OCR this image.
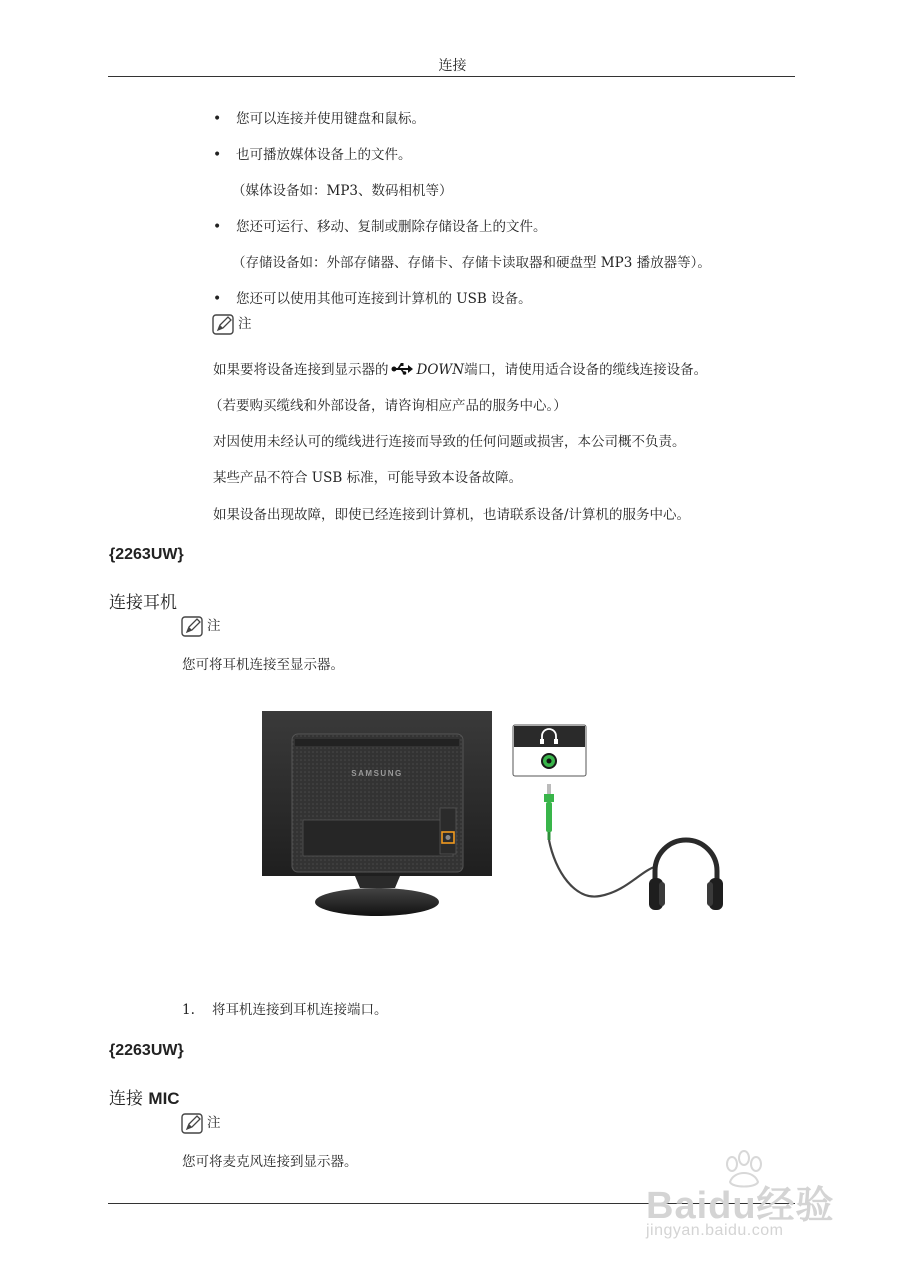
连接
• 您可以连接并使用键盘和鼠标。
• 也可播放媒体设备上的文件。
（媒体设备如：MP3、数码相机等）
• 您还可运行、移动、复制或删除存储设备上的文件。
（存储设备如：外部存储器、存储卡、存储卡读取器和硬盘型 MP3 播放器等）。
• 您还可以使用其他可连接到计算机的 USB 设备。
注
如果要将设备连接到显示器的 DOWN端口，请使用适合设备的缆线连接设备。
（若要购买缆线和外部设备，请咨询相应产品的服务中心。）
对因使用未经认可的缆线进行连接而导致的任何问题或损害，本公司概不负责。
某些产品不符合 USB 标准，可能导致本设备故障。
如果设备出现故障，即使已经连接到计算机，也请联系设备/计算机的服务中心。
{2263UW}
连接耳机
注
您可将耳机连接至显示器。
SAMSUNG
1. 将耳机连接到耳机连接端口。
{2263UW}
连接 MIC
注
您可将麦克风连接到显示器。
Baidu经验
jingyan.baidu.com
